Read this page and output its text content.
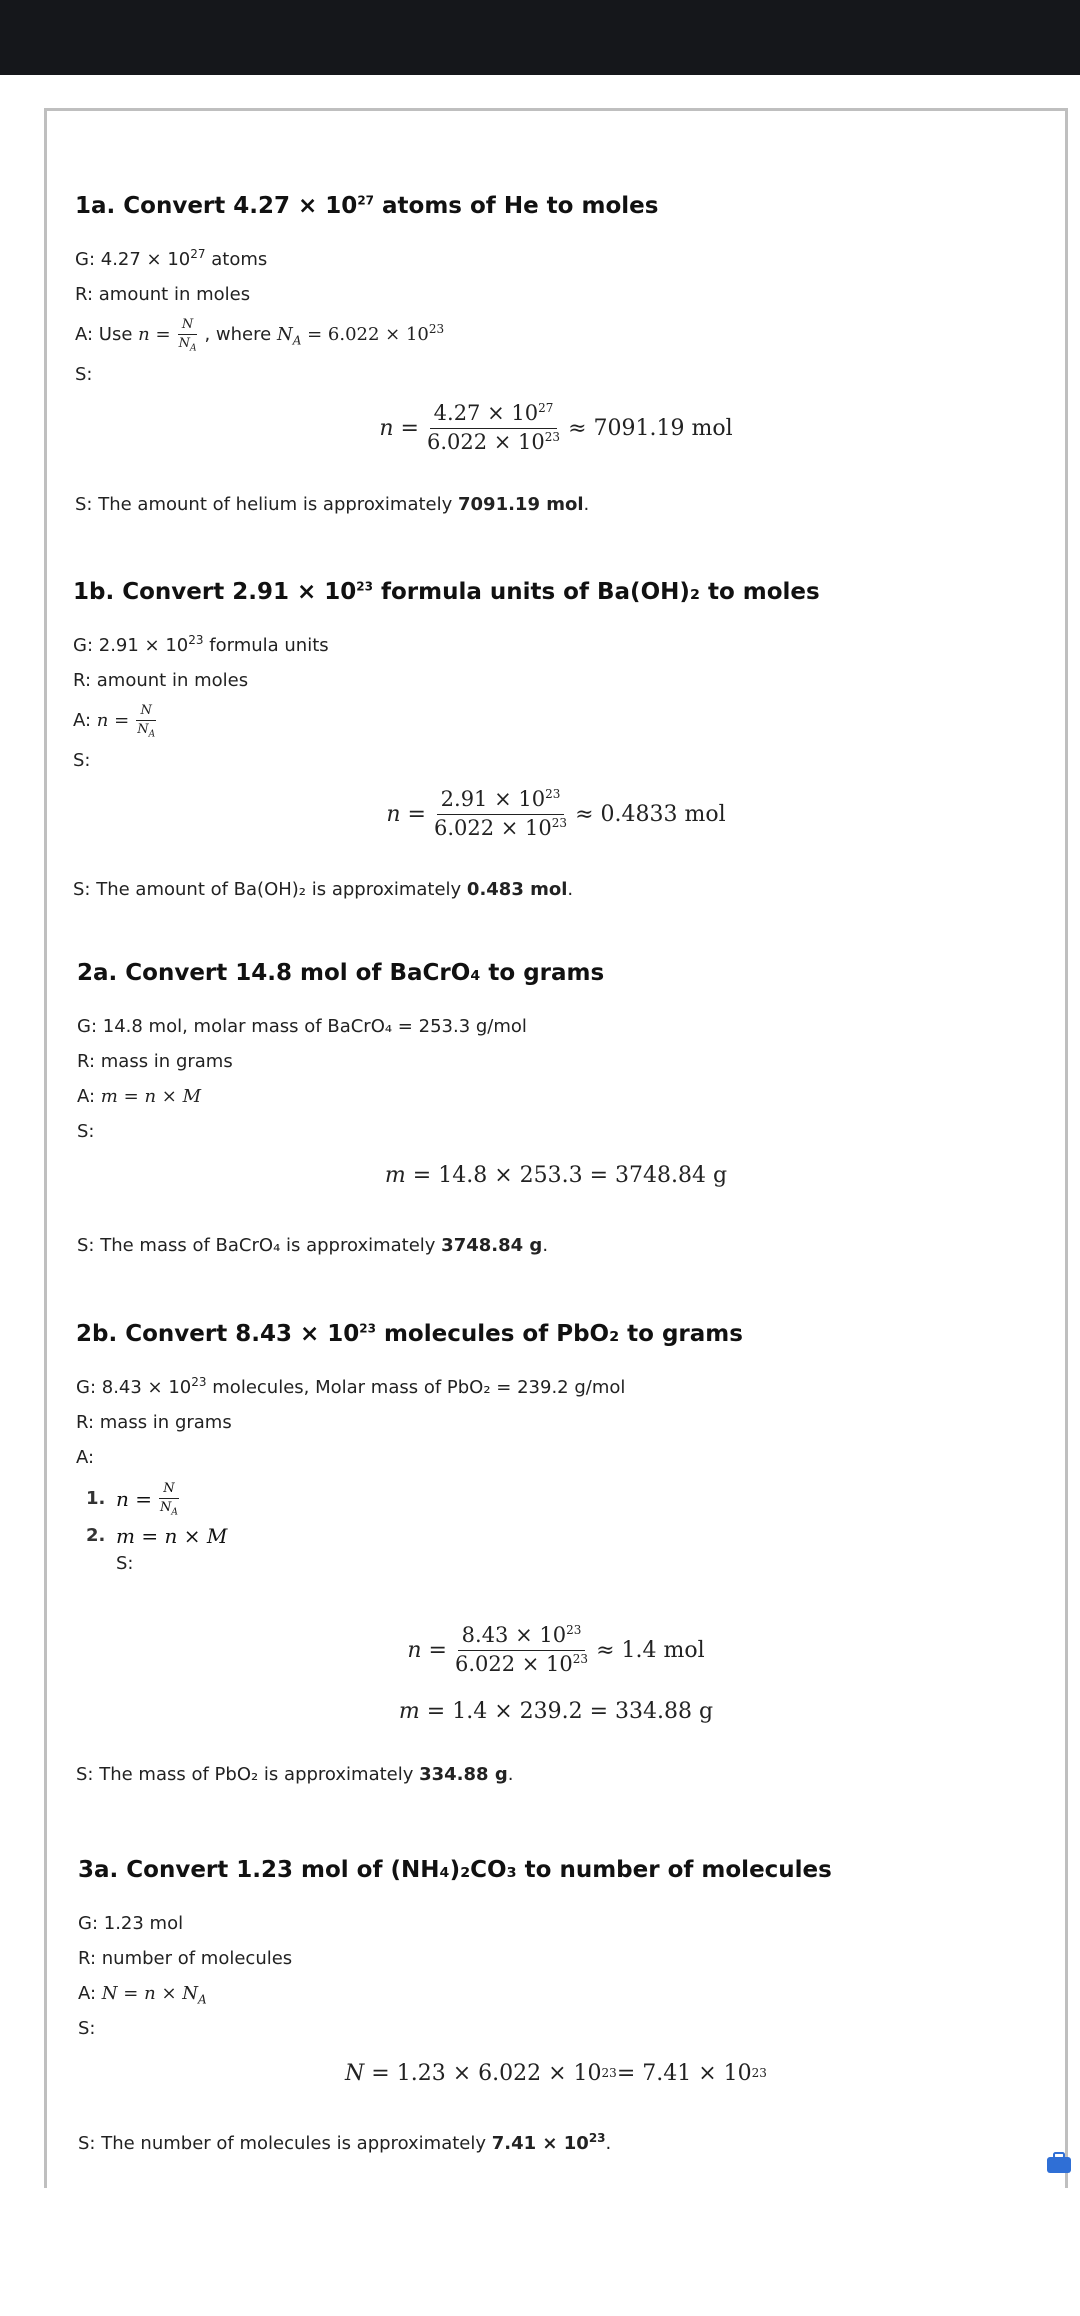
1a. Convert $4.27 \times 10^{27}$ atoms of He to moles
G: $4.27 \times 10^{27}$ atoms
R: amount in moles
A: Use $n = \frac{N}{N_A}$ , where $N_A = 6.022 \times 10^{23}$
S:
n
= $\frac{4.27 \times 10^{27}}{6.022 \times 10^{23}} \approx 7091.19$ mol
S: The amount of helium is approximately 7091.19 mol.
1b. Convert $2.91 \times 10^{23}$ formula units of Ba(OH)₂ to moles
G: $2.91 \times 10^{23}$ formula units
R: amount in moles
A: $n = \frac{N}{N_A}$
S:
n
= $\frac{2.91 \times 10^{23}}{6.022 \times 10^{23}} \approx 0.4833$ mol
S: The amount of Ba(OH)₂ is approximately 0.483 mol.
2a. Convert 14.8 mol of BaCrO₄ to grams
G: 14.8 mol, molar mass of BaCrO₄ = 253.3 g/mol
R: mass in grams
A: m = n × M
S:
m
= 14.8 × 253.3 = 3748.84 g
S: The mass of BaCrO₄ is approximately 3748.84 g.
2b. Convert $8.43 \times 10^{23}$ molecules of PbO₂ to grams
G: $8.43 \times 10^{23}$ molecules, Molar mass of PbO₂ = 239.2 g/mol
R: mass in grams
A:
1. n
= $\frac{N}{N_A}$
2. m
=
n
×
M
S:
n
= $\frac{8.43 \times 10^{23}}{6.022 \times 10^{23}} \approx 1.4$ mol
m
= 1.4 × 239.2 = 334.88 g
S: The mass of PbO₂ is approximately 334.88 g.
3a. Convert 1.23 mol of (NH₄)₂CO₃ to number of molecules
G: 1.23 mol
R: number of molecules
A: $N = n \times N_A$
S:
N
= 1.23 × 6.022 × 10 23 = 7.41 × 10 23
S: The number of molecules is approximately $7.41 \times 10^{23}$.
